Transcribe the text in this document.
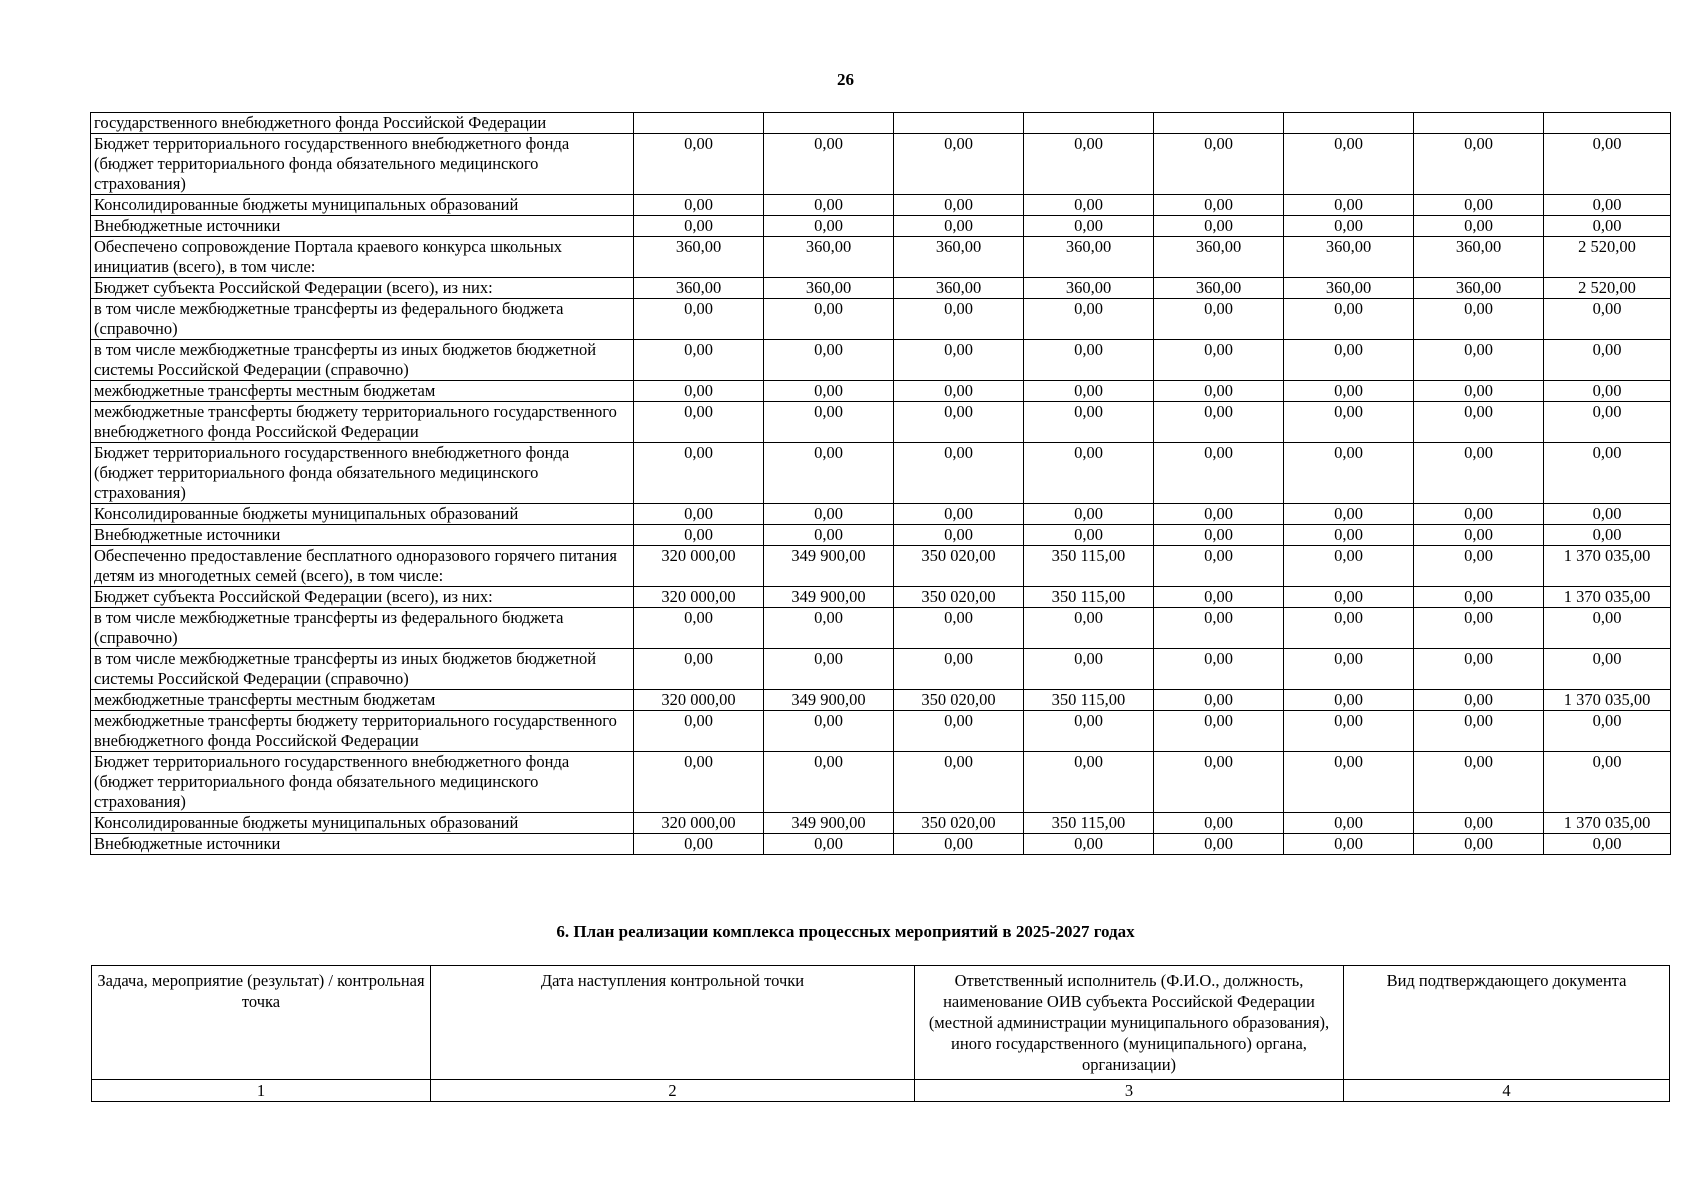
26
государственного внебюджетного фонда Российской Федерации								
Бюджет территориального государственного внебюджетного фонда (бюджет территориального фонда обязательного медицинского страхования)	0,00	0,00	0,00	0,00	0,00	0,00	0,00	0,00
Консолидированные бюджеты муниципальных образований	0,00	0,00	0,00	0,00	0,00	0,00	0,00	0,00
Внебюджетные источники	0,00	0,00	0,00	0,00	0,00	0,00	0,00	0,00
Обеспечено сопровождение Портала краевого конкурса школьных инициатив (всего), в том числе:	360,00	360,00	360,00	360,00	360,00	360,00	360,00	2 520,00
Бюджет субъекта Российской Федерации (всего), из них:	360,00	360,00	360,00	360,00	360,00	360,00	360,00	2 520,00
в том числе межбюджетные трансферты из федерального бюджета (справочно)	0,00	0,00	0,00	0,00	0,00	0,00	0,00	0,00
в том числе межбюджетные трансферты из иных бюджетов бюджетной системы Российской Федерации (справочно)	0,00	0,00	0,00	0,00	0,00	0,00	0,00	0,00
межбюджетные трансферты местным бюджетам	0,00	0,00	0,00	0,00	0,00	0,00	0,00	0,00
межбюджетные трансферты бюджету территориального государственного внебюджетного фонда Российской Федерации	0,00	0,00	0,00	0,00	0,00	0,00	0,00	0,00
Бюджет территориального государственного внебюджетного фонда (бюджет территориального фонда обязательного медицинского страхования)	0,00	0,00	0,00	0,00	0,00	0,00	0,00	0,00
Консолидированные бюджеты муниципальных образований	0,00	0,00	0,00	0,00	0,00	0,00	0,00	0,00
Внебюджетные источники	0,00	0,00	0,00	0,00	0,00	0,00	0,00	0,00
Обеспеченно предоставление бесплатного одноразового горячего питания детям из многодетных семей (всего), в том числе:	320 000,00	349 900,00	350 020,00	350 115,00	0,00	0,00	0,00	1 370 035,00
Бюджет субъекта Российской Федерации (всего), из них:	320 000,00	349 900,00	350 020,00	350 115,00	0,00	0,00	0,00	1 370 035,00
в том числе межбюджетные трансферты из федерального бюджета (справочно)	0,00	0,00	0,00	0,00	0,00	0,00	0,00	0,00
в том числе межбюджетные трансферты из иных бюджетов бюджетной системы Российской Федерации (справочно)	0,00	0,00	0,00	0,00	0,00	0,00	0,00	0,00
межбюджетные трансферты местным бюджетам	320 000,00	349 900,00	350 020,00	350 115,00	0,00	0,00	0,00	1 370 035,00
межбюджетные трансферты бюджету территориального государственного внебюджетного фонда Российской Федерации	0,00	0,00	0,00	0,00	0,00	0,00	0,00	0,00
Бюджет территориального государственного внебюджетного фонда (бюджет территориального фонда обязательного медицинского страхования)	0,00	0,00	0,00	0,00	0,00	0,00	0,00	0,00
Консолидированные бюджеты муниципальных образований	320 000,00	349 900,00	350 020,00	350 115,00	0,00	0,00	0,00	1 370 035,00
Внебюджетные источники	0,00	0,00	0,00	0,00	0,00	0,00	0,00	0,00
6. План реализации комплекса процессных мероприятий в 2025-2027 годах
Задача, мероприятие (результат) / контрольная точка	Дата наступления контрольной точки	Ответственный исполнитель (Ф.И.О., должность, наименование ОИВ субъекта Российской Федерации (местной администрации муниципального образования), иного государственного (муниципального) органа, организации)	Вид подтверждающего документа
1	2	3	4
